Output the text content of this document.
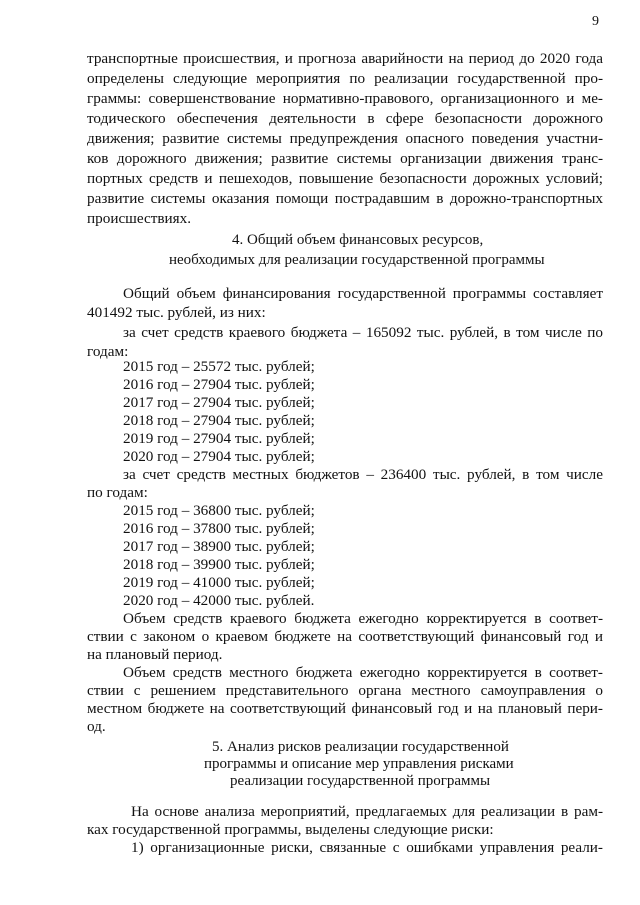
9
транспортные происшествия, и прогноза аварийности на период до 2020 года
определены следующие мероприятия по реализации государственной про-
граммы: совершенствование нормативно-правового, организационного и ме-
тодического обеспечения деятельности в сфере безопасности дорожного
движения; развитие системы предупреждения опасного поведения участни-
ков дорожного движения; развитие системы организации движения транс-
портных средств и пешеходов, повышение безопасности дорожных условий;
развитие системы оказания помощи пострадавшим в дорожно-транспортных
происшествиях.
4. Общий объем финансовых ресурсов,
необходимых для реализации государственной программы
Общий объем финансирования государственной программы составляет
401492 тыс. рублей, из них:
за счет средств краевого бюджета – 165092 тыс. рублей, в том числе по
годам:
2015 год – 25572 тыс. рублей;
2016 год – 27904 тыс. рублей;
2017 год – 27904 тыс. рублей;
2018 год – 27904 тыс. рублей;
2019 год – 27904 тыс. рублей;
2020 год – 27904 тыс. рублей;
за счет средств местных бюджетов – 236400 тыс. рублей, в том числе
по годам:
2015 год – 36800 тыс. рублей;
2016 год – 37800 тыс. рублей;
2017 год – 38900 тыс. рублей;
2018 год – 39900 тыс. рублей;
2019 год – 41000 тыс. рублей;
2020 год – 42000 тыс. рублей.
Объем средств краевого бюджета ежегодно корректируется в соответ-
ствии с законом о краевом бюджете на соответствующий финансовый год и
на плановый период.
Объем средств местного бюджета ежегодно корректируется в соответ-
ствии с решением представительного органа местного самоуправления о
местном бюджете на соответствующий финансовый год и на плановый пери-
од.
5. Анализ рисков реализации государственной
программы и описание мер управления рисками
реализации государственной программы
На основе анализа мероприятий, предлагаемых для реализации в рам-
ках государственной программы, выделены следующие риски:
1) организационные риски, связанные с ошибками управления реали-
